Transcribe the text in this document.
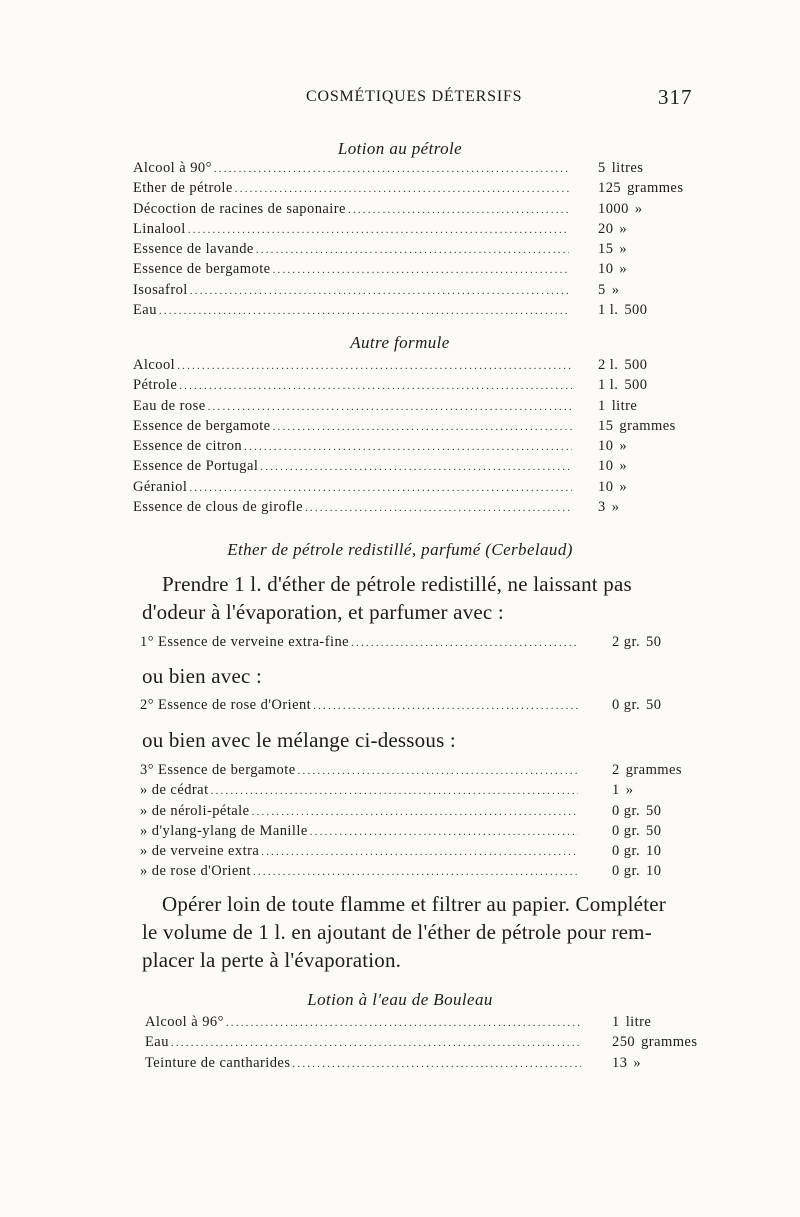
COSMÉTIQUES DÉTERSIFS	317
Lotion au pétrole
Alcool à 90° .....	5 litres
Ether de pétrole .....	125 grammes
Décoction de racines de saponaire .....	1000 »
Linalool .....	20 »
Essence de lavande .....	15 »
Essence de bergamote .....	10 »
Isosafrol .....	5 »
Eau .....	1 l. 500
Autre formule
Alcool .....	2 l. 500
Pétrole .....	1 l. 500
Eau de rose .....	1 litre
Essence de bergamote .....	15 grammes
Essence de citron .....	10 »
Essence de Portugal .....	10 »
Géraniol .....	10 »
Essence de clous de girofle .....	3 »
Ether de pétrole redistillé, parfumé (Cerbelaud)
Prendre 1 l. d'éther de pétrole redistillé, ne laissant pas
d'odeur à l'évaporation, et parfumer avec :
1° Essence de verveine extra-fine .....	2 gr. 50
ou bien avec :
2° Essence de rose d'Orient .....	0 gr. 50
ou bien avec le mélange ci-dessous :
3° Essence de bergamote .....	2 grammes
» de cédrat .....	1 »
» de néroli-pétale .....	0 gr. 50
» d'ylang-ylang de Manille .....	0 gr. 50
» de verveine extra .....	0 gr. 10
» de rose d'Orient .....	0 gr. 10
Opérer loin de toute flamme et filtrer au papier. Compléter
le volume de 1 l. en ajoutant de l'éther de pétrole pour rem-
placer la perte à l'évaporation.
Lotion à l'eau de Bouleau
Alcool à 96° .....	1 litre
Eau .....	250 grammes
Teinture de cantharides .....	13 »
